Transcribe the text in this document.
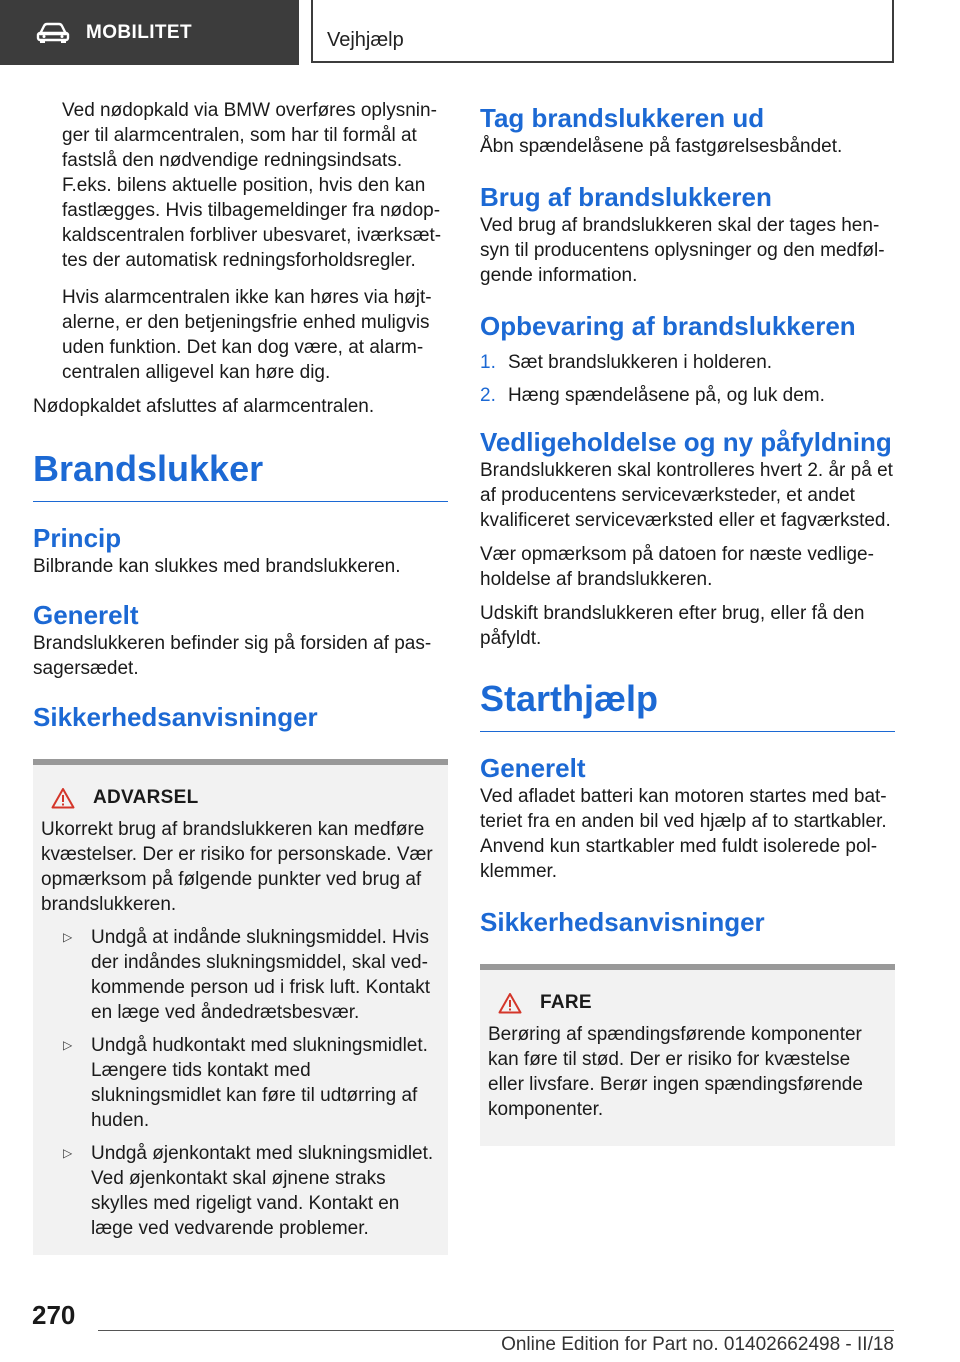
MOBILITET	Vejhjælp

Ved nødopkald via BMW overføres oplysninger til alarmcentralen, som har til formål at fastslå den nødvendige redningsindsats. F.eks. bilens aktuelle position, hvis den kan fastlægges. Hvis tilbagemeldinger fra nødopkaldscentralen forbliver ubesvaret, iværksættes der automatisk redningsforholdsregler.

Hvis alarmcentralen ikke kan høres via højtalerne, er den betjeningsfrie enhed muligvis uden funktion. Det kan dog være, at alarmcentralen alligevel kan høre dig.

Nødopkaldet afsluttes af alarmcentralen.

Brandslukker
Princip

Bilbrande kan slukkes med brandslukkeren.

Generelt

Brandslukkeren befinder sig på forsiden af passagersædet.

Sikkerhedsanvisninger
ADVARSEL

Ukorrekt brug af brandslukkeren kan medføre kvæstelser. Der er risiko for personskade. Vær opmærksom på følgende punkter ved brug af brandslukkeren.

▷ Undgå at indånde slukningsmiddel. Hvis der indåndes slukningsmiddel, skal vedkommende person ud i frisk luft. Kontakt en læge ved åndedrætsbesvær.

▷ Undgå hudkontakt med slukningsmidlet. Længere tids kontakt med slukningsmidlet kan føre til udtørring af huden.

▷ Undgå øjenkontakt med slukningsmidlet. Ved øjenkontakt skal øjnene straks skylles med rigeligt vand. Kontakt en læge ved vedvarende problemer.

Tag brandslukkeren ud

Åbn spændelåsene på fastgørelsesbåndet.

Brug af brandslukkeren

Ved brug af brandslukkeren skal der tages hensyn til producentens oplysninger og den medfølgende information.

Opbevaring af brandslukkeren
1. Sæt brandslukkeren i holderen.
2. Hæng spændelåsene på, og luk dem.
Vedligeholdelse og ny påfyldning

Brandslukkeren skal kontrolleres hvert 2. år på et af producentens serviceværksteder, et andet kvalificeret serviceværksted eller et fagværksted.

Vær opmærksom på datoen for næste vedligeholdelse af brandslukkeren.

Udskift brandslukkeren efter brug, eller få den påfyldt.

Starthjælp
Generelt

Ved afladet batteri kan motoren startes med batteriet fra en anden bil ved hjælp af to startkabler. Anvend kun startkabler med fuldt isolerede polklemmer.

Sikkerhedsanvisninger
FARE

Berøring af spændingsførende komponenter kan føre til stød. Der er risiko for kvæstelse eller livsfare. Berør ingen spændingsførende komponenter.

270
Online Edition for Part no. 01402662498 - II/18
